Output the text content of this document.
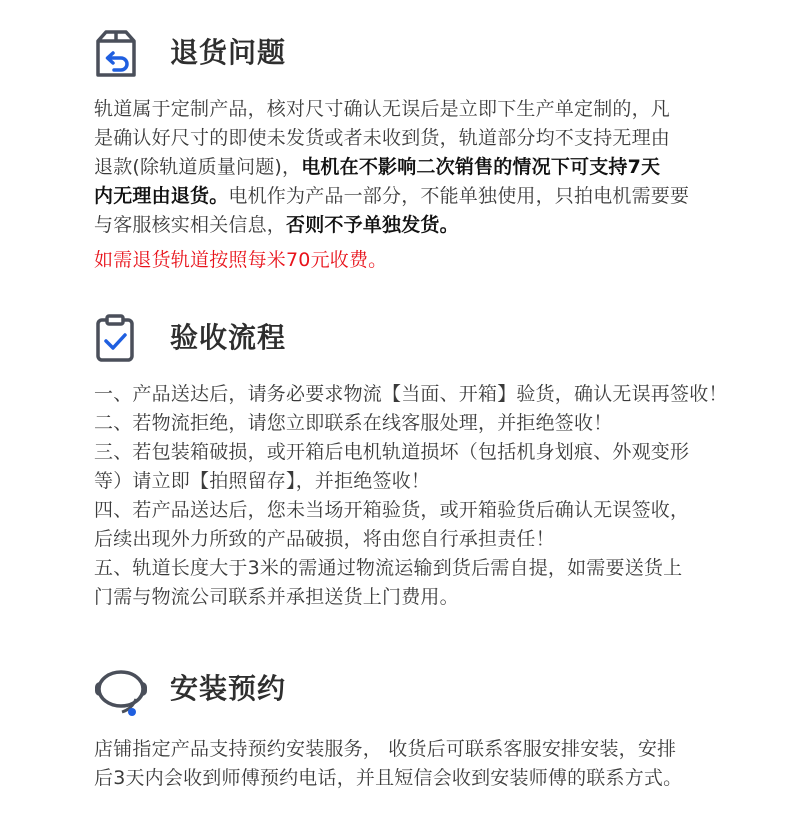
退货问题
轨道属于定制产品，核对尺寸确认无误后是立即下生产单定制的，凡
是确认好尺寸的即使未发货或者未收到货，轨道部分均不支持无理由
退款(除轨道质量问题)，电机在不影响二次销售的情况下可支持7天
内无理由退货。电机作为产品一部分，不能单独使用，只拍电机需要要
与客服核实相关信息，否则不予单独发货。
如需退货轨道按照每米70元收费。
验收流程
一、产品送达后，请务必要求物流【当面、开箱】验货，确认无误再签收！
二、若物流拒绝，请您立即联系在线客服处理，并拒绝签收！
三、若包装箱破损，或开箱后电机轨道损坏（包括机身划痕、外观变形
等）请立即【拍照留存】，并拒绝签收！
四、若产品送达后，您未当场开箱验货，或开箱验货后确认无误签收，
后续出现外力所致的产品破损，将由您自行承担责任！
五、轨道长度大于3米的需通过物流运输到货后需自提，如需要送货上
门需与物流公司联系并承担送货上门费用。
安装预约
店铺指定产品支持预约安装服务， 收货后可联系客服安排安装，安排
后3天内会收到师傅预约电话，并且短信会收到安装师傅的联系方式。
